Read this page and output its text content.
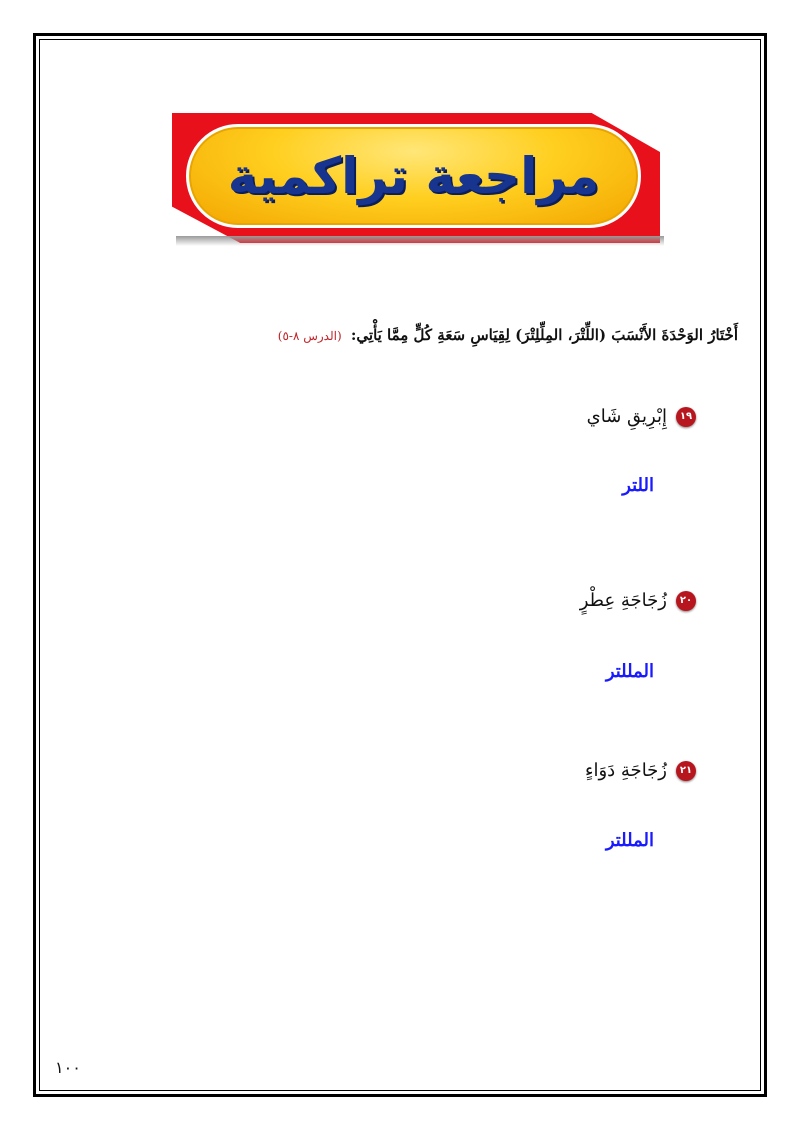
مراجعة تراكمية
أَخْتَارُ الوَحْدَةَ الأَنْسَبَ (اللِّتْرَ، المِلِّلِتْرَ) لِقِيَاسِ سَعَةِ كُلٍّ مِمَّا يَأْتِي: (الدرس ٨-٥)
١٩
إِبْرِيقِ شَاي
اللتر
٢٠
زُجَاجَةِ عِطْرٍ
المللتر
٢١
زُجَاجَةِ دَوَاءٍ
المللتر
١٠٠
